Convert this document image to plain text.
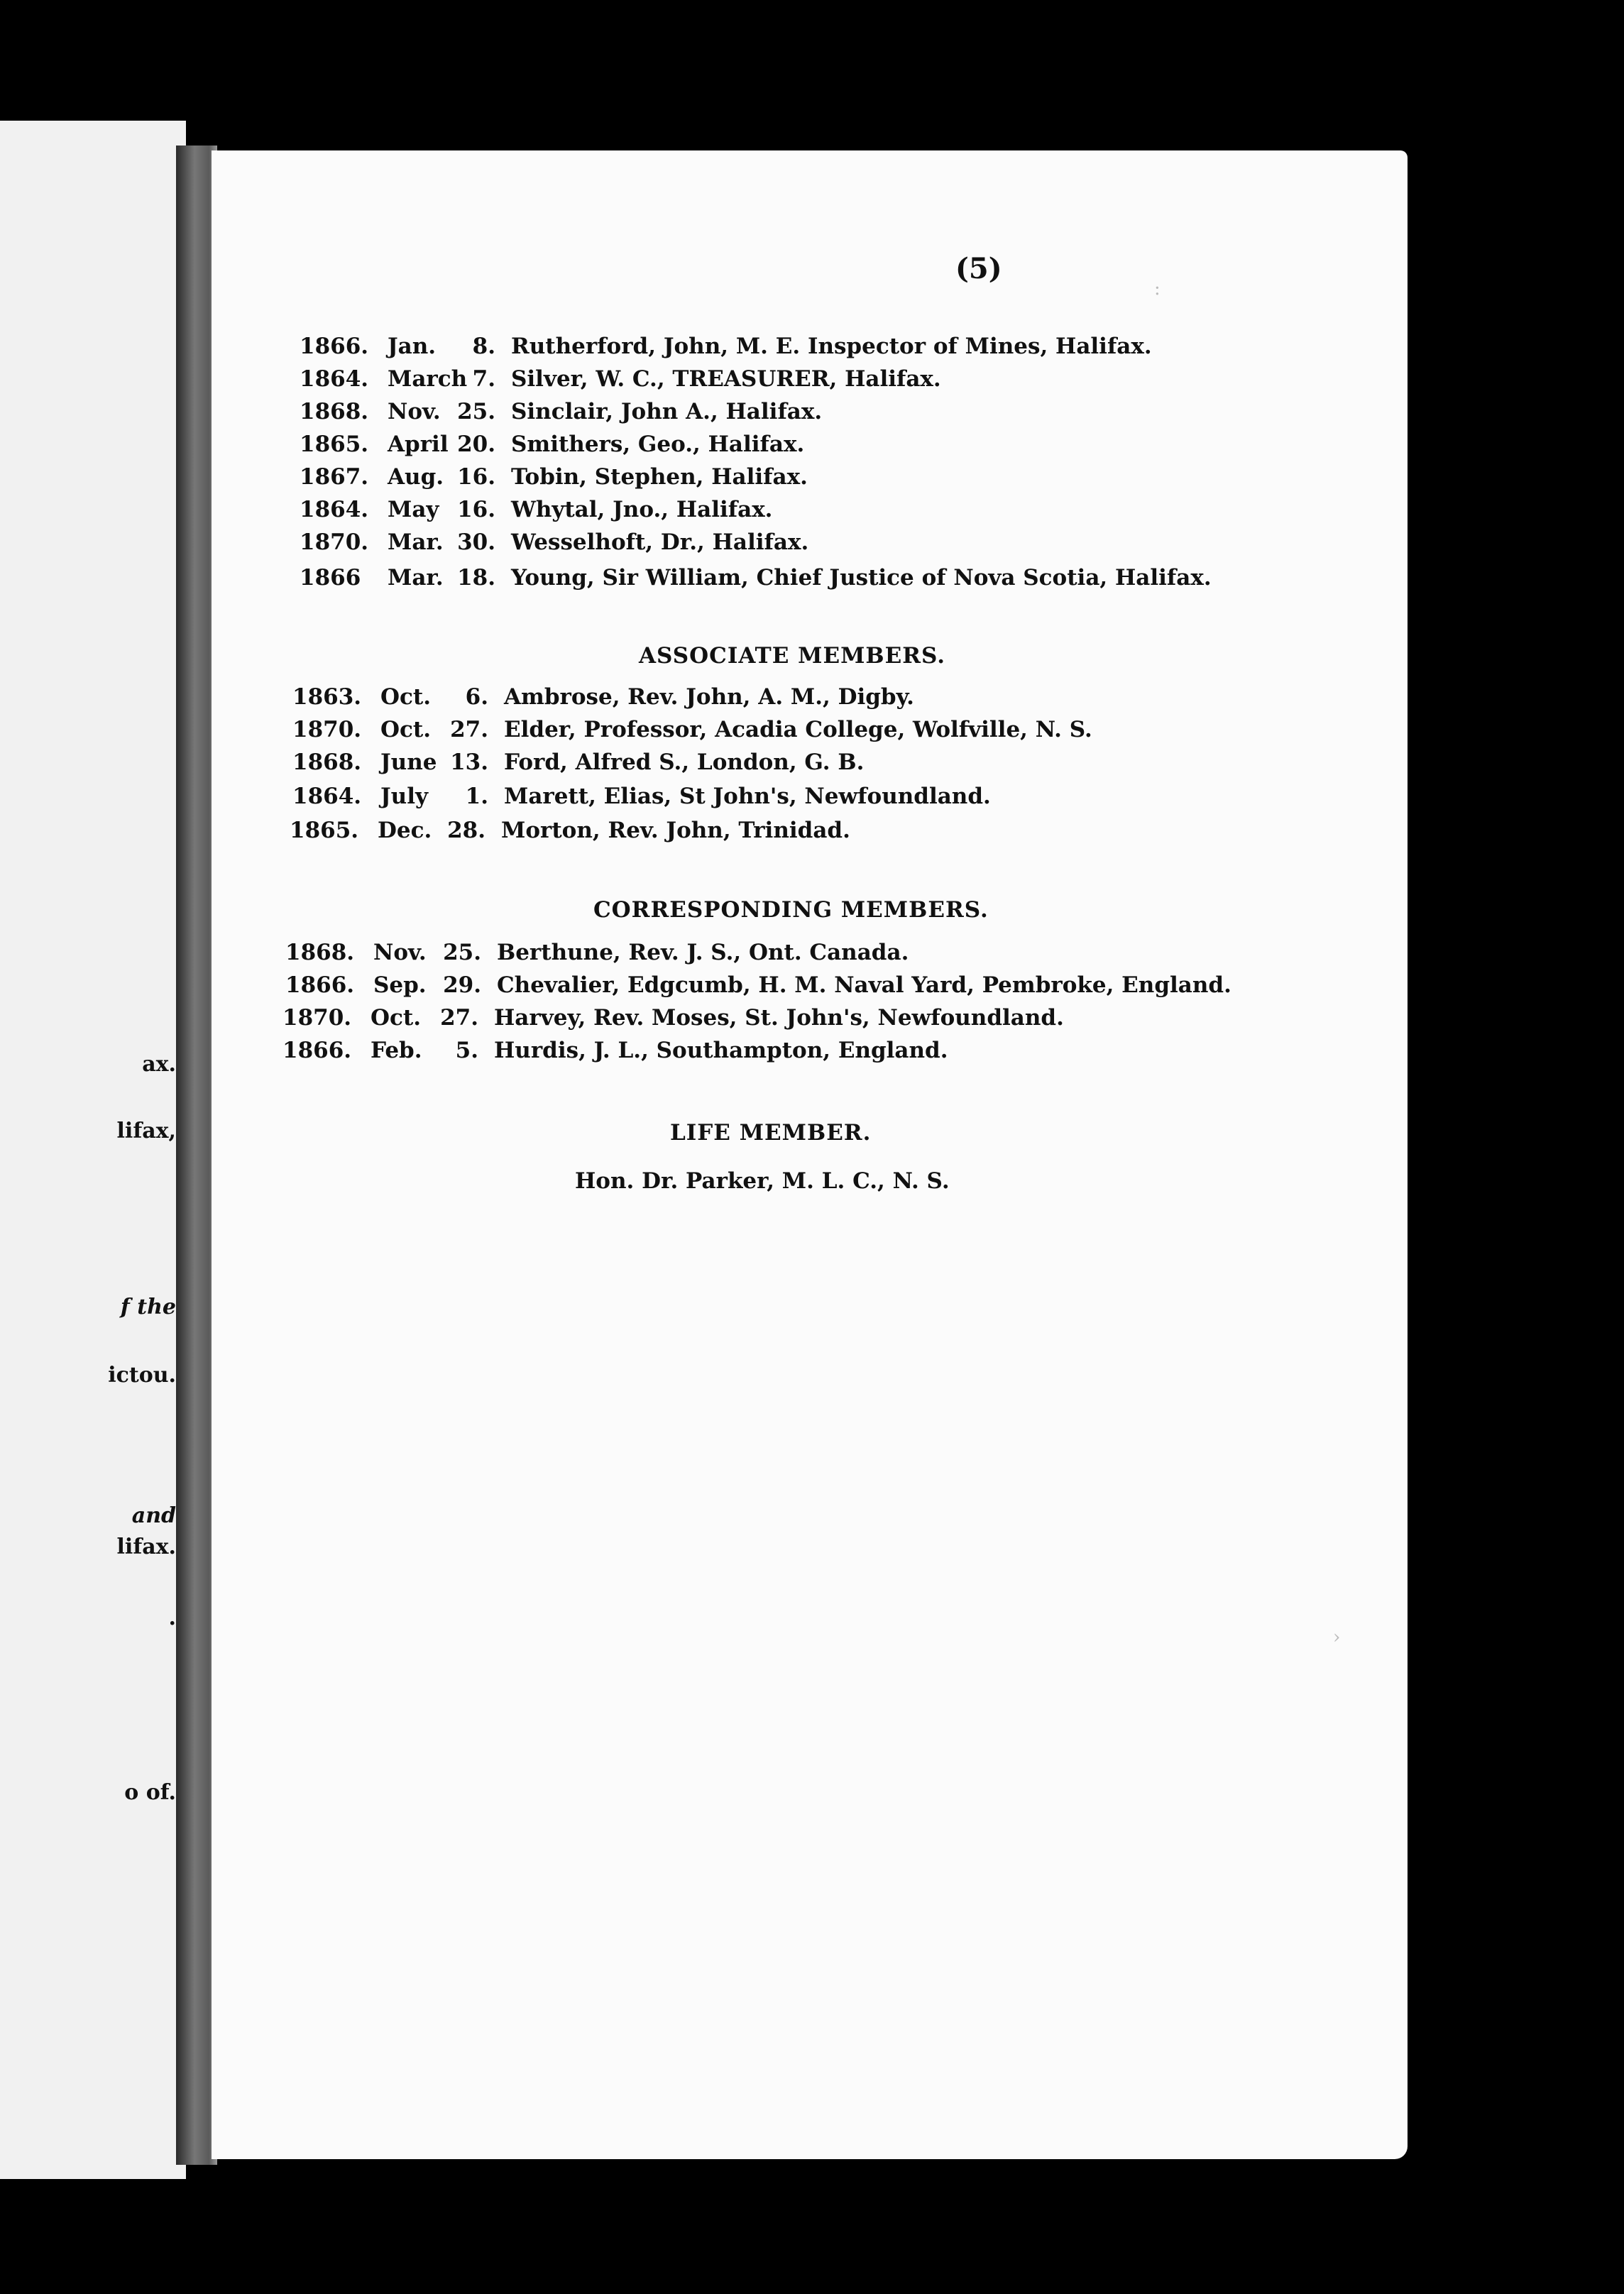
ax.
lifax,
f the
ictou.
and
lifax.
.
o of.
(5)
1866. Jan.	8. Rutherford, John, M. E. Inspector of Mines, Halifax.
1864. March 7. Silver, W. C., TREASURER, Halifax.
1868. Nov. 25. Sinclair, John A., Halifax.
1865. April 20. Smithers, Geo., Halifax.
1867. Aug. 16. Tobin, Stephen, Halifax.
1864. May 16. Whytal, Jno., Halifax.
1870. Mar. 30. Wesselhoft, Dr., Halifax.
1866 Mar. 18. Young, Sir William, Chief Justice of Nova Scotia, Halifax.
ASSOCIATE MEMBERS.
1863. Oct.	6. Ambrose, Rev. John, A. M., Digby.
1870. Oct. 27. Elder, Professor, Acadia College, Wolfville, N. S.
1868. June 13. Ford, Alfred S., London, G. B.
1864. July	1. Marett, Elias, St John's, Newfoundland.
1865. Dec. 28. Morton, Rev. John, Trinidad.
CORRESPONDING MEMBERS.
1868. Nov. 25. Berthune, Rev. J. S., Ont. Canada.
1866. Sep. 29. Chevalier, Edgcumb, H. M. Naval Yard, Pembroke, England.
1870. Oct. 27. Harvey, Rev. Moses, St. John's, Newfoundland.
1866. Feb.	5. Hurdis, J. L., Southampton, England.
LIFE MEMBER.
Hon. Dr. Parker, M. L. C., N. S.
:
›
